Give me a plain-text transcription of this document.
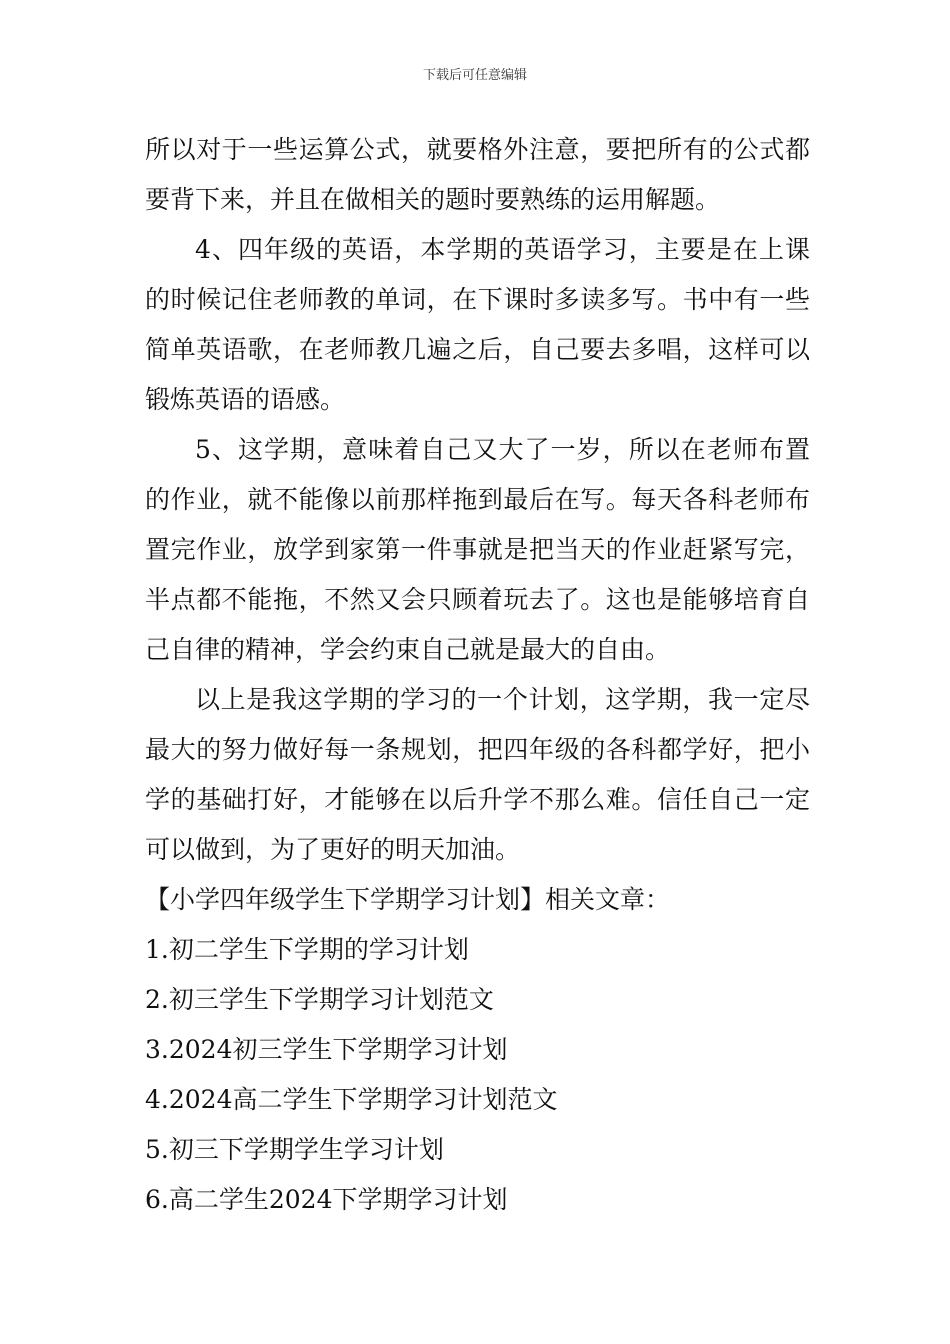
下载后可任意编辑

所以对于一些运算公式，就要格外注意，要把所有的公式都要背下来，并且在做相关的题时要熟练的运用解题。

4、四年级的英语，本学期的英语学习，主要是在上课的时候记住老师教的单词，在下课时多读多写。书中有一些简单英语歌，在老师教几遍之后，自己要去多唱，这样可以锻炼英语的语感。

5、这学期，意味着自己又大了一岁，所以在老师布置的作业，就不能像以前那样拖到最后在写。每天各科老师布置完作业，放学到家第一件事就是把当天的作业赶紧写完，半点都不能拖，不然又会只顾着玩去了。这也是能够培育自己自律的精神，学会约束自己就是最大的自由。

以上是我这学期的学习的一个计划，这学期，我一定尽最大的努力做好每一条规划，把四年级的各科都学好，把小学的基础打好，才能够在以后升学不那么难。信任自己一定可以做到，为了更好的明天加油。

【小学四年级学生下学期学习计划】相关文章：

1.初二学生下学期的学习计划
2.初三学生下学期学习计划范文
3.2024初三学生下学期学习计划
4.2024高二学生下学期学习计划范文
5.初三下学期学生学习计划
6.高二学生2024下学期学习计划
